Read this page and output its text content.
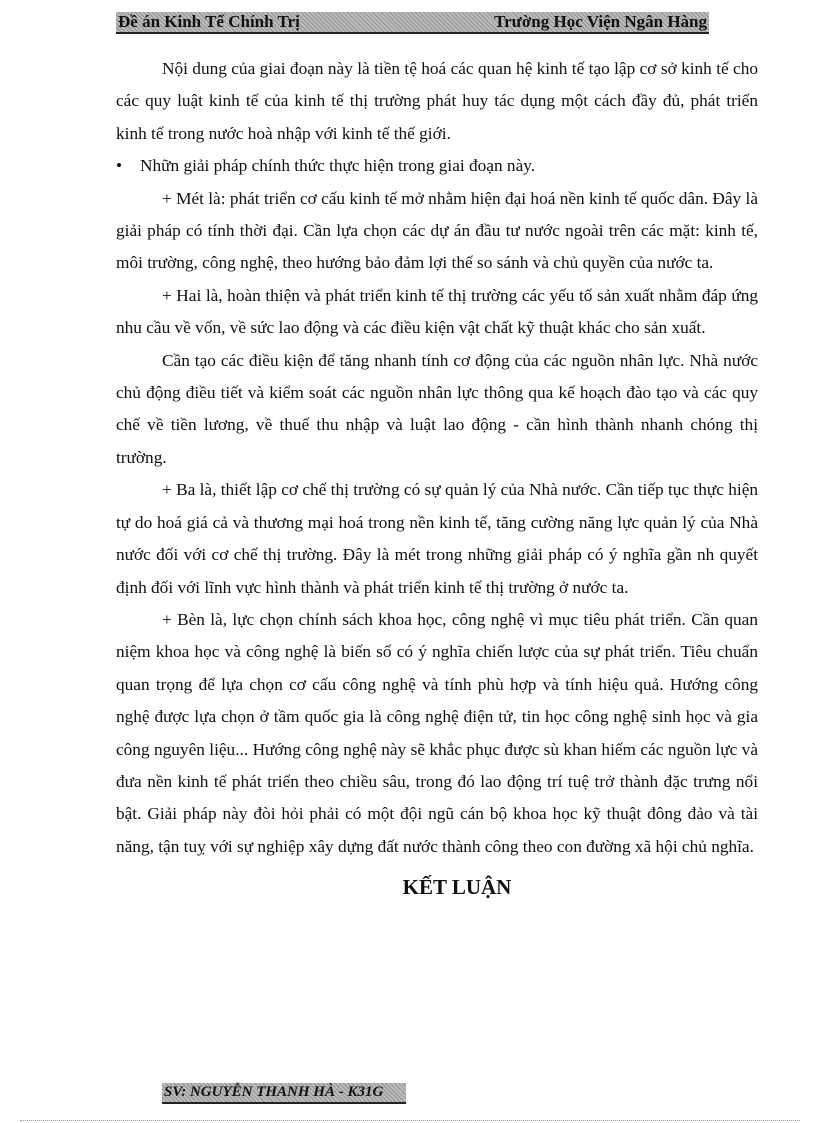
Đề án Kinh Tế Chính Trị	Trường Học Viện Ngân Hàng

Nội dung của giai đoạn này là tiền tệ hoá các quan hệ kinh tế tạo lập cơ sở kinh tế cho các quy luật kinh tế của kinh tế thị trường phát huy tác dụng một cách đầy đủ, phát triển kinh tế trong nước hoà nhập với kinh tế thế giới.

•	Nhữn giải pháp chính thức thực hiện trong giai đoạn này.

+ Mét là: phát triển cơ cấu kinh tế mở nhằm hiện đại hoá nền kinh tế quốc dân. Đây là giải pháp có tính thời đại. Cần lựa chọn các dự án đầu tư nước ngoài trên các mặt: kinh tế, môi trường, công nghệ, theo hướng bảo đảm lợi thế so sánh và chủ quyền của nước ta.

+ Hai là, hoàn thiện và phát triển kinh tế thị trường các yếu tố sản xuất nhằm đáp ứng nhu cầu về vốn, về sức lao động và các điều kiện vật chất kỹ thuật khác cho sản xuất.

Cần tạo các điều kiện để tăng nhanh tính cơ động của các nguồn nhân lực. Nhà nước chủ động điều tiết và kiểm soát các nguồn nhân lực thông qua kế hoạch đào tạo và các quy chế về tiền lương, về thuế thu nhập và luật lao động - cần hình thành nhanh chóng thị trường.

+ Ba là, thiết lập cơ chế thị trường có sự quản lý của Nhà nước. Cần tiếp tục thực hiện tự do hoá giá cả và thương mại hoá trong nền kinh tế, tăng cường năng lực quản lý của Nhà nước đối với cơ chế thị trường. Đây là mét trong những giải pháp có ý nghĩa gần nh quyết định đối với lĩnh vực hình thành và phát triển kinh tế thị trường ở nước ta.

+ Bèn là, lực chọn chính sách khoa học, công nghệ vì mục tiêu phát triển. Cần quan niệm khoa học và công nghệ là biến số có ý nghĩa chiến lược của sự phát triển. Tiêu chuẩn quan trọng để lựa chọn cơ cấu công nghệ và tính phù hợp và tính hiệu quả. Hướng công nghệ được lựa chọn ở tầm quốc gia là công nghệ điện tử, tin học công nghệ sinh học và gia công nguyên liệu... Hướng công nghệ này sẽ khắc phục được sù khan hiếm các nguồn lực và đưa nền kinh tế phát triển theo chiều sâu, trong đó lao động trí tuệ trở thành đặc trưng nổi bật. Giải pháp này đòi hỏi phải có một đội ngũ cán bộ khoa học kỹ thuật đông đảo và tài năng, tận tuỵ với sự nghiệp xây dựng đất nước thành công theo con đường xã hội chủ nghĩa.

KẾT LUẬN
SV: NGUYỄN THANH HÀ - K31G
